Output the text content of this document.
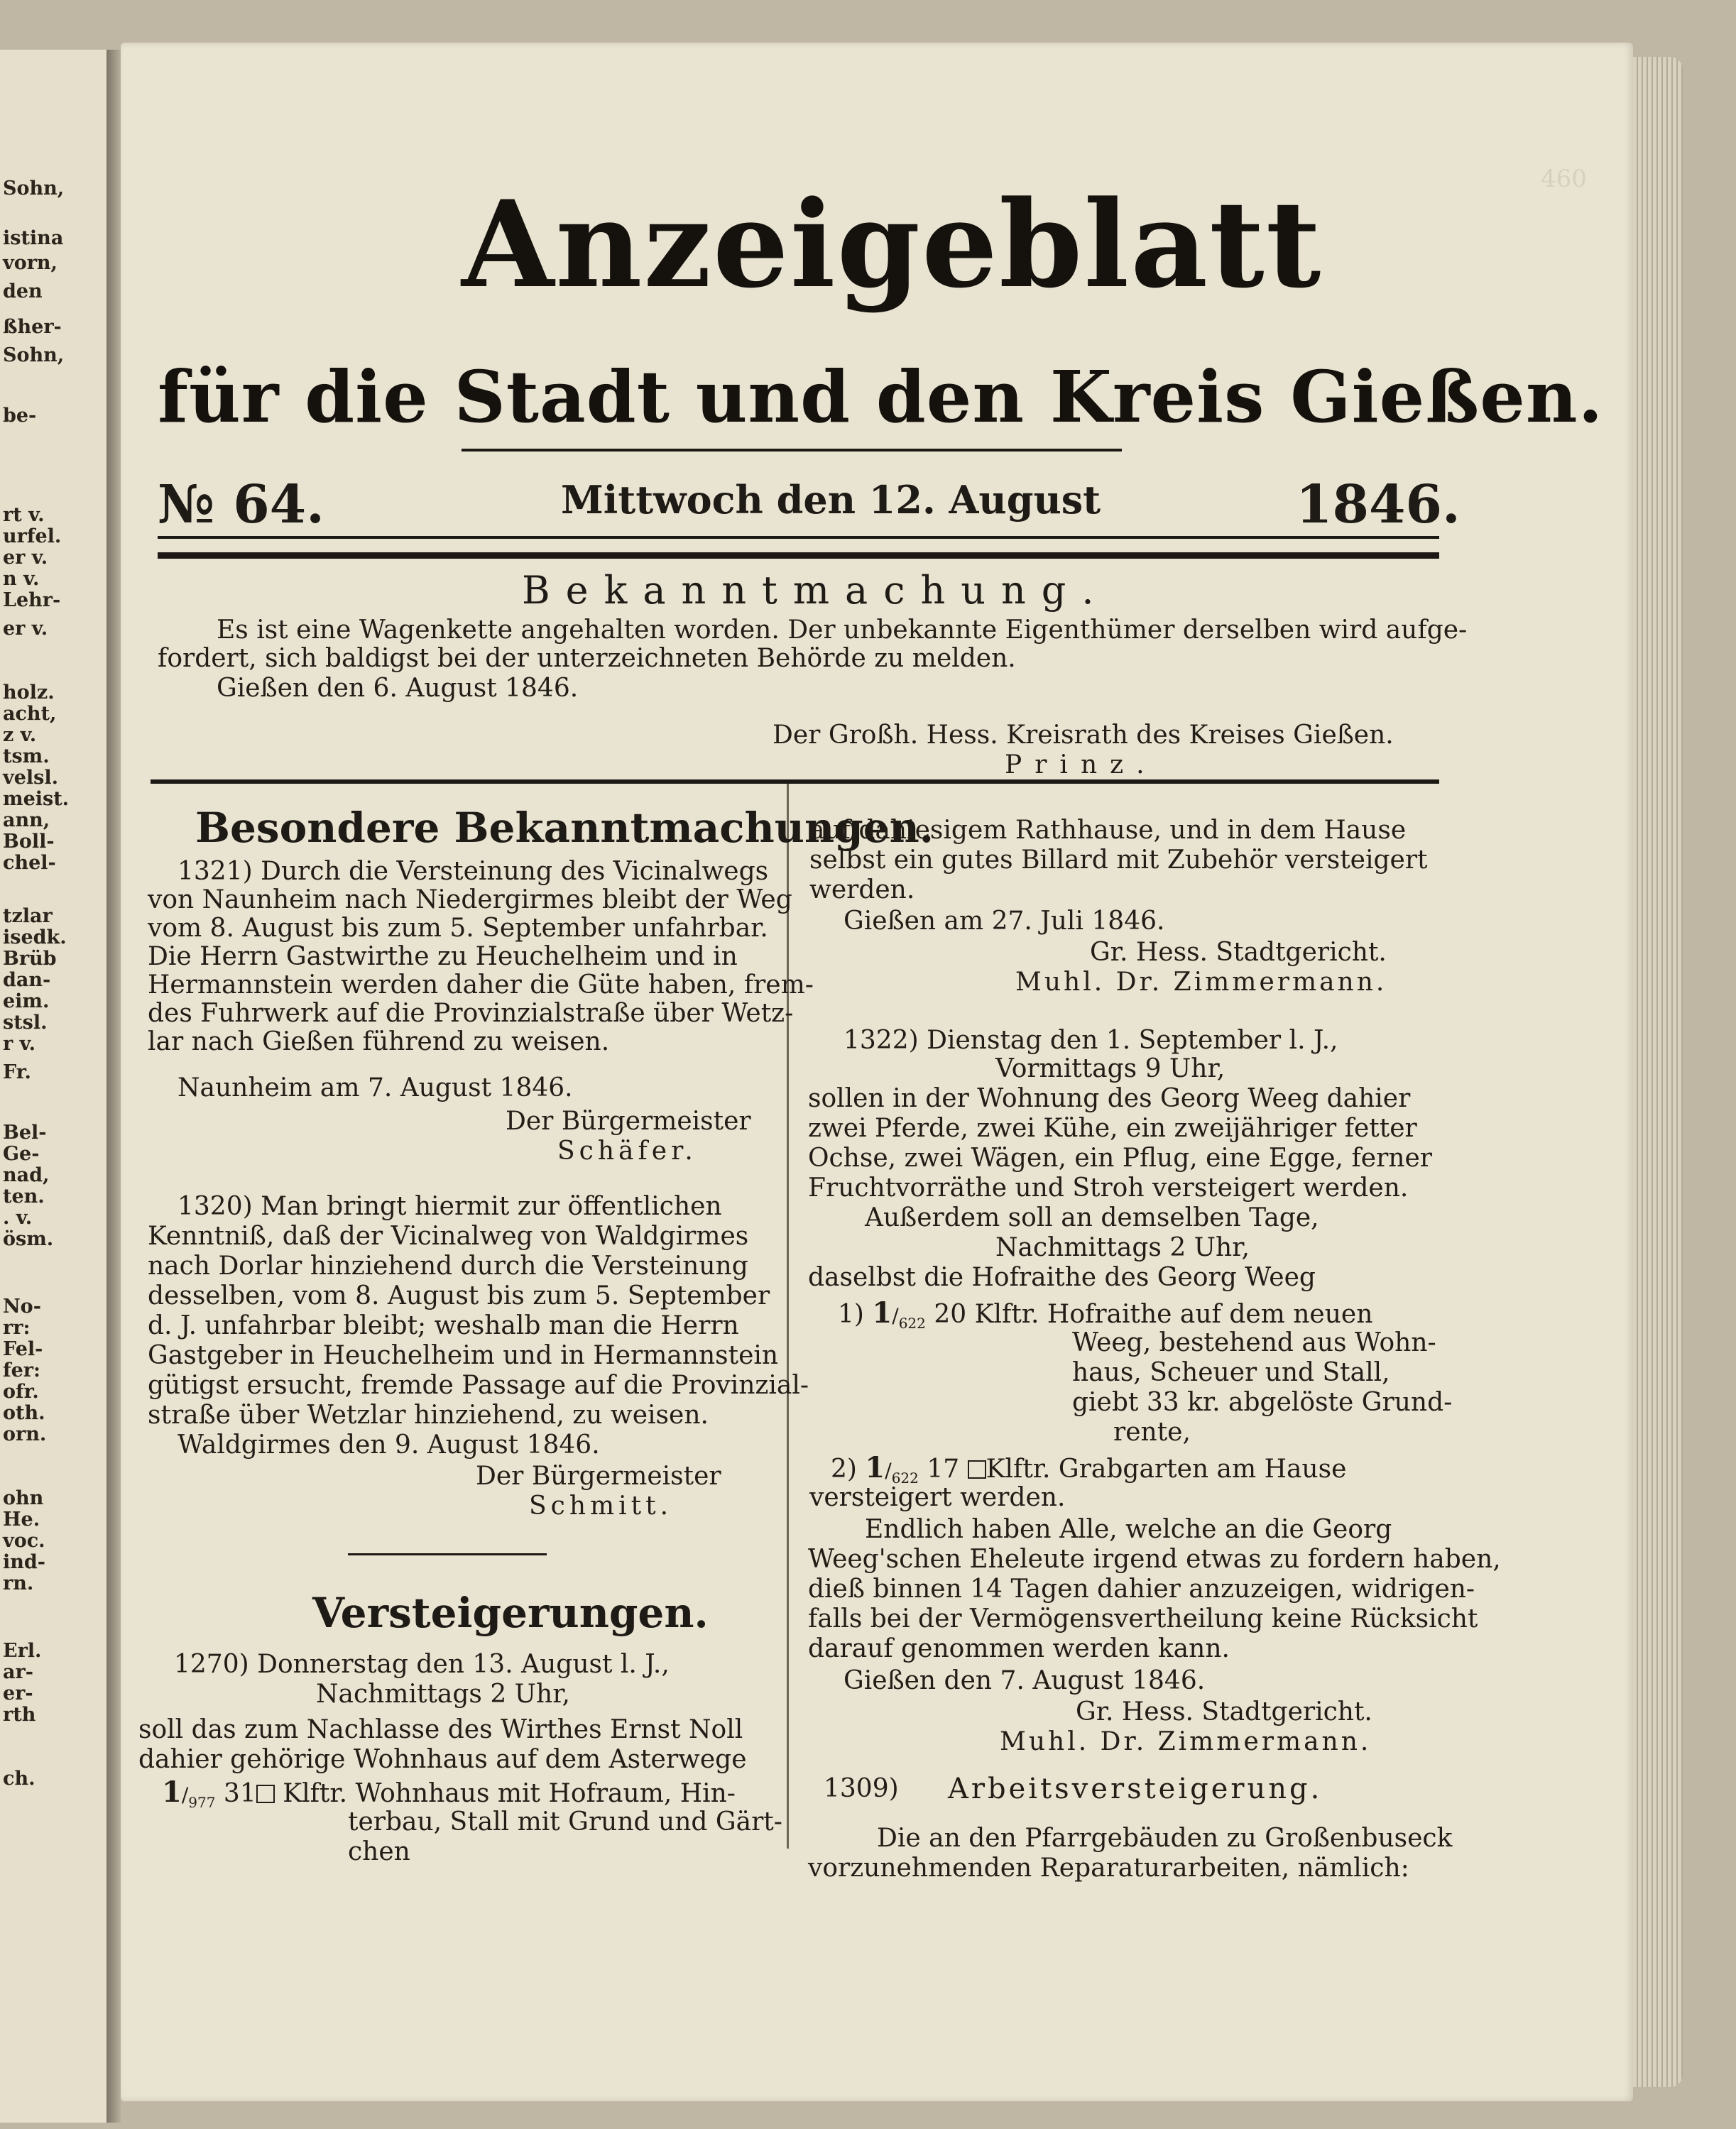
Sohn,
istina
vorn,
den
ßher-
Sohn,
be-
rt v.
urfel.
er v.
n v.
Lehr-
er v.
holz.
acht,
z v.
tsm.
velsl.
meist.
ann,
Boll-
chel-
tzlar
isedk.
Brüb
dan-
eim.
stsl.
r v.
Fr.
Bel-
Ge-
nad,
ten.
. v.
ösm.
No-
rr:
Fel-
fer:
ofr.
oth.
orn.
ohn
He.
voc.
ind-
rn.
Erl.
ar-
er-
rth
ch.
460
Anzeigeblatt
für die Stadt und den Kreis Gießen.
№ 64.	Mittwoch den 12. August	1846.
Bekanntmachung.
Es ist eine Wagenkette angehalten worden. Der unbekannte Eigenthümer derselben wird aufge-
fordert, sich baldigst bei der unterzeichneten Behörde zu melden.
Gießen den 6. August 1846.
Der Großh. Hess. Kreisrath des Kreises Gießen.
Prinz.
Besondere Bekanntmachungen.
1321) Durch die Versteinung des Vicinalwegs
von Naunheim nach Niedergirmes bleibt der Weg
vom 8. August bis zum 5. September unfahrbar.
Die Herrn Gastwirthe zu Heuchelheim und in
Hermannstein werden daher die Güte haben, frem-
des Fuhrwerk auf die Provinzialstraße über Wetz-
lar nach Gießen führend zu weisen.
Naunheim am 7. August 1846.
Der Bürgermeister
Schäfer.
1320) Man bringt hiermit zur öffentlichen
Kenntniß, daß der Vicinalweg von Waldgirmes
nach Dorlar hinziehend durch die Versteinung
desselben, vom 8. August bis zum 5. September
d. J. unfahrbar bleibt; weshalb man die Herrn
Gastgeber in Heuchelheim und in Hermannstein
gütigst ersucht, fremde Passage auf die Provinzial-
straße über Wetzlar hinziehend, zu weisen.
Waldgirmes den 9. August 1846.
Der Bürgermeister
Schmitt.
Versteigerungen.
1270) Donnerstag den 13. August l. J.,
Nachmittags 2 Uhr,
soll das zum Nachlasse des Wirthes Ernst Noll
dahier gehörige Wohnhaus auf dem Asterwege
$1/_{977}$ 31 Klftr. Wohnhaus mit Hofraum, Hin-
terbau, Stall mit Grund und Gärt-
chen
auf dahiesigem Rathhause, und in dem Hause
selbst ein gutes Billard mit Zubehör versteigert
werden.
Gießen am 27. Juli 1846.
Gr. Hess. Stadtgericht.
Muhl. Dr. Zimmermann.
1322) Dienstag den 1. September l. J.,
Vormittags 9 Uhr,
sollen in der Wohnung des Georg Weeg dahier
zwei Pferde, zwei Kühe, ein zweijähriger fetter
Ochse, zwei Wägen, ein Pflug, eine Egge, ferner
Fruchtvorräthe und Stroh versteigert werden.
Außerdem soll an demselben Tage,
Nachmittags 2 Uhr,
daselbst die Hofraithe des Georg Weeg
1) $1/_{622}$ 20 Klftr. Hofraithe auf dem neuen
Weeg, bestehend aus Wohn-
haus, Scheuer und Stall,
giebt 33 kr. abgelöste Grund-
rente,
2) $1/_{622}$ 17 Klftr. Grabgarten am Hause
versteigert werden.
Endlich haben Alle, welche an die Georg
Weeg'schen Eheleute irgend etwas zu fordern haben,
dieß binnen 14 Tagen dahier anzuzeigen, widrigen-
falls bei der Vermögensvertheilung keine Rücksicht
darauf genommen werden kann.
Gießen den 7. August 1846.
Gr. Hess. Stadtgericht.
Muhl. Dr. Zimmermann.
1309) Arbeitsversteigerung.
Die an den Pfarrgebäuden zu Großenbuseck
vorzunehmenden Reparaturarbeiten, nämlich:
